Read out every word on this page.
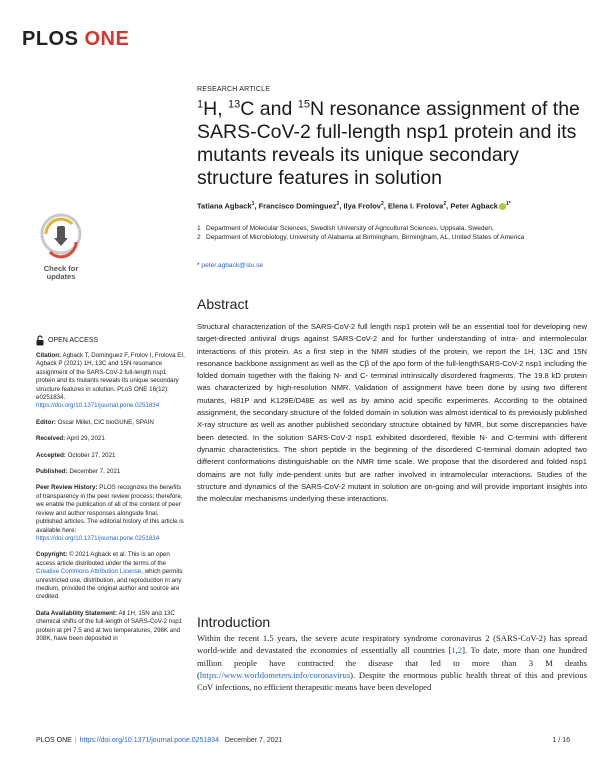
PLOS ONE
RESEARCH ARTICLE
$^1$H, $^{13}$C and $^{15}$N resonance assignment of the SARS-CoV-2 full-length nsp1 protein and its mutants reveals its unique secondary structure features in solution
Tatiana Agback$^1$, Francisco Dominguez$^2$, Ilya Frolov$^2$, Elena I. Frolova$^2$, Peter Agback $^{1*}$
1 Department of Molecular Sciences, Swedish University of Agricultural Sciences, Uppsala, Sweden,
2 Department of Microbiology, University of Alabama at Birmingham, Birmingham, AL, United States of America
* peter.agback@slu.se
Check for
updates
OPEN ACCESS
Citation: Agback T, Dominguez F, Frolov I, Frolova EI, Agback P (2021) 1H, 13C and 15N resonance assignment of the SARS-CoV-2 full-length nsp1 protein and its mutants reveals its unique secondary structure features in solution. PLoS ONE 16(12): e0251834. https://doi.org/10.1371/journal.pone.0251834
Editor: Oscar Millet, CIC bioGUNE, SPAIN
Received: April 29, 2021
Accepted: October 27, 2021
Published: December 7, 2021
Peer Review History: PLOS recognizes the benefits of transparency in the peer review process; therefore, we enable the publication of all of the content of peer review and author responses alongside final, published articles. The editorial history of this article is available here: https://doi.org/10.1371/journal.pone.0251834
Copyright: © 2021 Agback et al. This is an open access article distributed under the terms of the Creative Commons Attribution License, which permits unrestricted use, distribution, and reproduction in any medium, provided the original author and source are credited.
Data Availability Statement: All 1H, 15N and 13C chemical shifts of the full-length of SARS-CoV-2 nsp1 protein at pH 7.5 and at two temperatures, 298K and 308K, have been deposited in
Abstract
Structural characterization of the SARS-CoV-2 full length nsp1 protein will be an essential tool for developing new target-directed antiviral drugs against SARS-CoV-2 and for further understanding of intra- and intermolecular interactions of this protein. As a first step in the NMR studies of the protein, we report the 1H, 13C and 15N resonance backbone assignment as well as the Cβ of the apo form of the full-lengthSARS-CoV-2 nsp1 including the folded domain together with the flaking N- and C- terminal intrinsically disordered fragments. The 19.8 kD protein was characterized by high-resolution NMR. Validation of assignment have been done by using two different mutants, H81P and K129E/D48E as well as by amino acid specific experiments. According to the obtained assignment, the secondary structure of the folded domain in solution was almost identical to its previously published X-ray structure as well as another published secondary structure obtained by NMR, but some discrepancies have been detected. In the solution SARS-CoV-2 nsp1 exhibited disordered, flexible N- and C-termini with different dynamic characteristics. The short peptide in the beginning of the disordered C-terminal domain adopted two different conformations distinguishable on the NMR time scale. We propose that the disordered and folded nsp1 domains are not fully inde-pendent units but are rather involved in intramolecular interactions. Studies of the structure and dynamics of the SARS-CoV-2 mutant in solution are on-going and will provide important insights into the molecular mechanisms underlying these interactions.
Introduction
Within the recent 1.5 years, the severe acute respiratory syndrome coronavirus 2 (SARS-CoV-2) has spread world-wide and devastated the economies of essentially all countries [1,2]. To date, more than one hundred million people have contracted the disease that led to more than 3 M deaths (https://www.worldometers.info/coronavirus). Despite the enormous public health threat of this and previous CoV infections, no efficient therapeutic means have been developed
PLOS ONE | https://doi.org/10.1371/journal.pone.0251834 December 7, 2021	1 / 16
